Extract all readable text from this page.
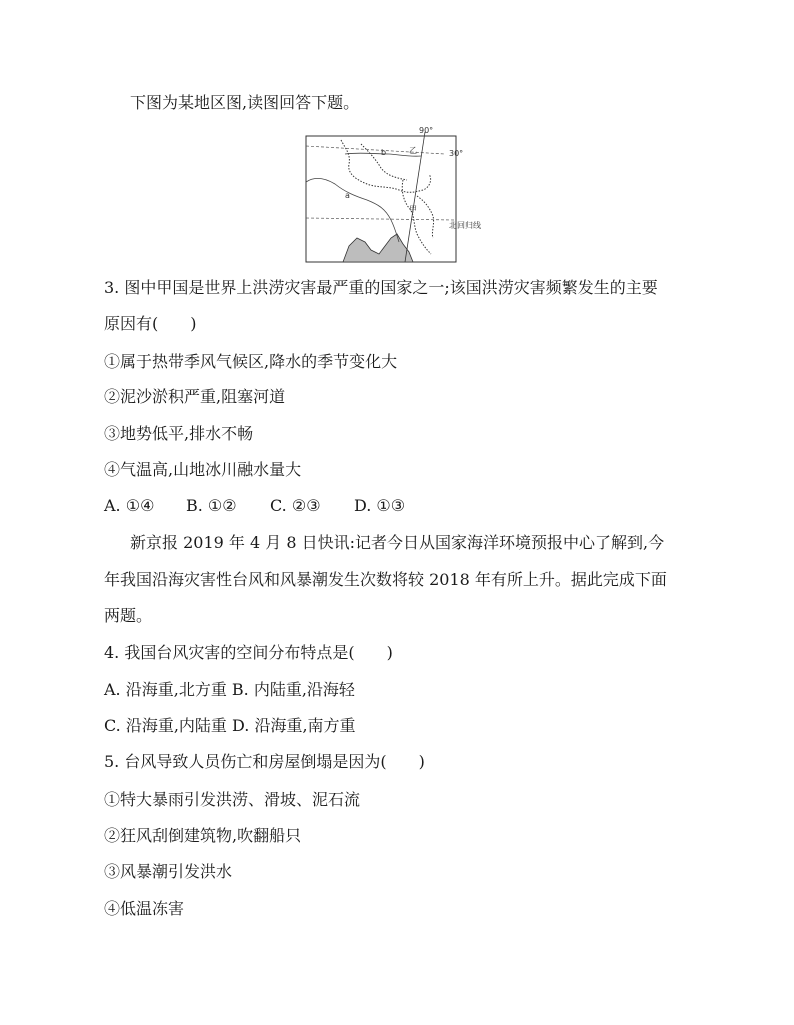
下图为某地区图,读图回答下题。
90°
30°
北回归线
b	乙
a
甲
3. 图中甲国是世界上洪涝灾害最严重的国家之一;该国洪涝灾害频繁发生的主要
原因有(　　)
①属于热带季风气候区,降水的季节变化大
②泥沙淤积严重,阻塞河道
③地势低平,排水不畅
④气温高,山地冰川融水量大
A. ①④ B. ①② C. ②③ D. ①③
新京报 2019 年 4 月 8 日快讯:记者今日从国家海洋环境预报中心了解到,今
年我国沿海灾害性台风和风暴潮发生次数将较 2018 年有所上升。据此完成下面
两题。
4. 我国台风灾害的空间分布特点是(　　)
A. 沿海重,北方重 B. 内陆重,沿海轻
C. 沿海重,内陆重 D. 沿海重,南方重
5. 台风导致人员伤亡和房屋倒塌是因为(　　)
①特大暴雨引发洪涝、滑坡、泥石流
②狂风刮倒建筑物,吹翻船只
③风暴潮引发洪水
④低温冻害
